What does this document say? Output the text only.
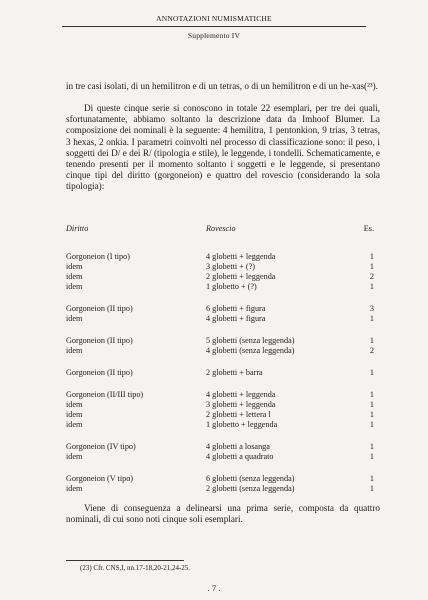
ANNOTAZIONI NUMISMATICHE
Supplemento IV

in tre casi isolati, di un hemilitron e di un tetras, o di un hemilitron e di un he-xas(²³).

Di queste cinque serie si conoscono in totale 22 esemplari, per tre dei quali, sfortunatamente, abbiamo soltanto la descrizione data da Imhoof Blumer. La composizione dei nominali è la seguente: 4 hemilitra, 1 pentonkion, 9 trias, 3 tetras, 3 hexas, 2 onkia. I parametri coinvolti nel processo di classificazione sono: il peso, i soggetti dei D/ e dei R/ (tipologia e stile), le leggende, i tondelli. Schematicamente, e tenendo presenti per il momento soltanto i soggetti e le leggende, si presentano cinque tipi del diritto (gorgoneion) e quattro del rovescio (considerando la sola tipologia):

Diritto	Rovescio	Es.
Gorgoneion (I tipo)	4 globetti + leggenda	1
idem	3 globetti + (?)	1
idem	2 globetti + leggenda	2
idem	1 globetto + (?)	1
Gorgoneion (II tipo)	6 globetti + figura	3
idem	4 globetti + figura	1
Gorgoneion (II tipo)	5 globetti (senza leggenda)	1
idem	4 globetti (senza leggenda)	2
Gorgoneion (II tipo)	2 globetti + barra	1
Gorgoneion (II/III tipo)	4 globetti + leggenda	1
idem	3 globetti + leggenda	1
idem	2 globetti + lettera l	1
idem	1 globetto + leggenda	1
Gorgoneion (IV tipo)	4 globetti a losanga	1
idem	4 globetti a quadrato	1
Gorgoneion (V tipo)	6 globetti (senza leggenda)	1
idem	2 globetti (senza leggenda)	1

Viene di conseguenza a delinearsi una prima serie, composta da quattro nominali, di cui sono noti cinque soli esemplari.

(23) Cfr. CNS,I, nn.17-18,20-21,24-25.
. 7 .
